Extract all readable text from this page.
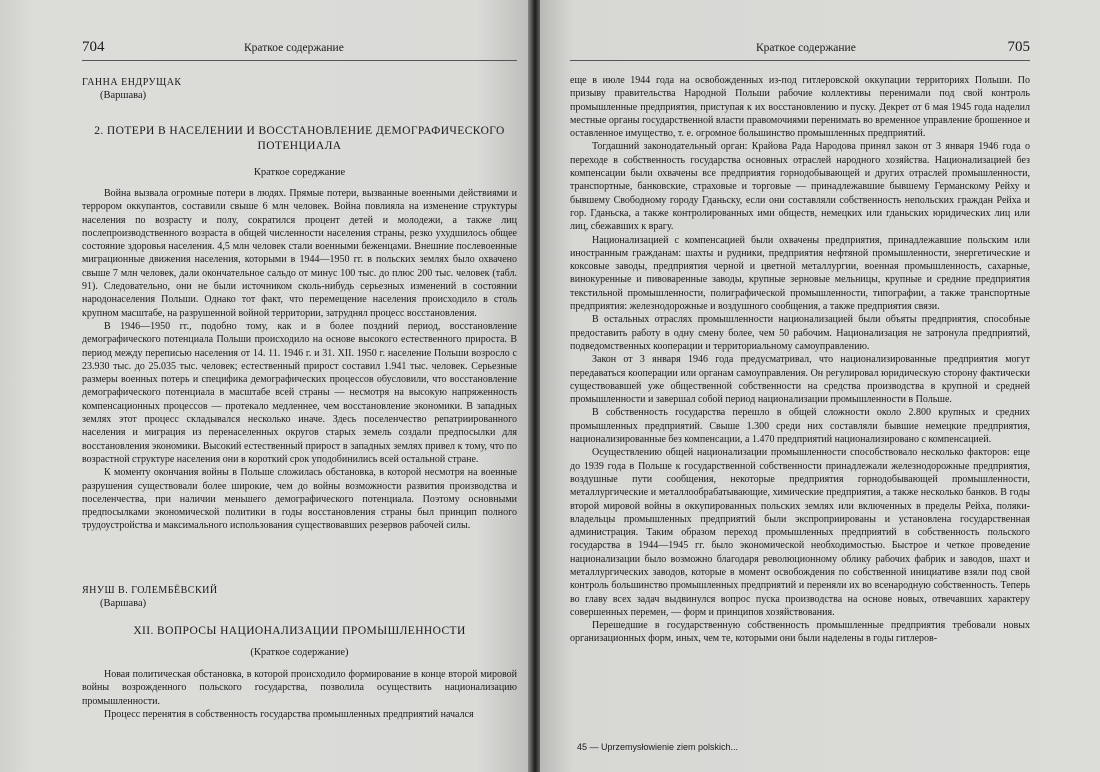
704	Краткое содержание
ГАННА ЕНДРУЩАК
(Варшава)
2. ПОТЕРИ В НАСЕЛЕНИИ И ВОССТАНОВЛЕНИЕ ДЕМОГРАФИЧЕСКОГО
ПОТЕНЦИАЛА
Краткое сореджание

Война вызвала огромные потери в людях. Прямые потери, вызванные военными действиями и террором оккупантов, составили свыше 6 млн человек. Война повлияла на изменение структуры населения по возрасту и полу, сократился процент детей и молодежи, а также лиц послепроизводственного возраста в общей численности населения страны, резко ухудшилось общее состояние здоровья населения. 4,5 млн человек стали военными беженцами. Внешние послевоенные миграционные движения населения, которыми в 1944—1950 гг. в польских землях было охвачено свыше 7 млн человек, дали окончательное сальдо от минус 100 тыс. до плюс 200 тыс. человек (табл. 91). Следовательно, они не были источником сколь-нибудь серьезных изменений в состоянии народонаселения Польши. Однако тот факт, что перемещение населения происходило в столь крупном масштабе, на разрушенной войной территории, затруднял процесс восстановления.

В 1946—1950 гг., подобно тому, как и в более поздний период, восстановление демографического потенциала Польши происходило на основе высокого естественного прироста. В период между переписью населения от 14. 11. 1946 г. и 31. XII. 1950 г. население Польши возросло с 23.930 тыс. до 25.035 тыс. человек; естественный прирост составил 1.941 тыс. человек. Серьезные размеры военных потерь и специфика демографических процессов обусловили, что восстановление демографического потенциала в масштабе всей страны — несмотря на высокую напряженность компенсационных процессов — протекало медленнее, чем восстановление экономики. В западных землях этот процесс складывался несколько иначе. Здесь поселенчество репатриированного населения и миграция из перенаселенных округов старых земель создали предпосылки для восстановления экономики. Высокий естественный прирост в западных землях привел к тому, что по возрастной структуре населения они в короткий срок уподобинились всей остальной стране.

К моменту окончания войны в Польше сложилась обстановка, в которой несмотря на военные разрушения существовали более широкие, чем до войны возможности развития производства и поселенчества, при наличии меньшего демографического потенциала. Поэтому основными предпосылками экономической политики в годы восстановления страны был принцип полного трудоустройства и максимального использования существовавших резервов рабочей силы.

ЯНУШ В. ГОЛЕМБЁВСКИЙ
(Варшава)
XII. ВОПРОСЫ НАЦИОНАЛИЗАЦИИ ПРОМЫШЛЕННОСТИ
(Краткое содержание)

Новая политическая обстановка, в которой происходило формирование в конце второй мировой войны возрожденного польского государства, позволила осуществить национализацию промышленности.

Процесс перенятия в собственность государства промышленных предприятий начался

Краткое содержание	705

еще в июле 1944 года на освобожденных из-под гитлеровской оккупации территориях Польши. По призыву правительства Народной Польши рабочие коллективы перенимали под свой контроль промышленные предприятия, приступая к их восстановлению и пуску. Декрет от 6 мая 1945 года наделил местные органы государственной власти правомочиями перенимать во временное управление брошенное и оставленное имущество, т. е. огромное большинство промышленных предприятий.

Тогдашний законодательный орган: Крайова Рада Народова принял закон от 3 января 1946 года о переходе в собственность государства основных отраслей народного хозяйства. Национализацией без компенсации были охвачены все предприятия горнодобывающей и других отраслей промышленности, транспортные, банковские, страховые и торговые — принадлежавшие бывшему Германскому Рейху и бывшему Свободному городу Гданьску, если они составляли собственность непольских граждан Рейха и гор. Гданьска, а также контролированных ими обществ, немецких или гданьских юридических лиц или лиц, сбежавших к врагу.

Национализацией с компенсацией были охвачены предприятия, принадлежавшие польским или иностранным гражданам: шахты и рудники, предприятия нефтяной промышленности, энергетические и коксовые заводы, предприятия черной и цветной металлургии, военная промышленность, сахарные, винокуренные и пивоваренные заводы, крупные зерновые мельницы, крупные и средние предприятия текстильной промышленности, полиграфической промышленности, типографии, а также транспортные предприятия: железнодорожные и воздушного сообщения, а также предприятия связи.

В остальных отраслях промышленности национализацией были объяты предприятия, способные предоставить работу в одну смену более, чем 50 рабочим. Национализация не затронула предприятий, подведомственных кооперации и территориальному самоуправлению.

Закон от 3 января 1946 года предусматривал, что национализированные предприятия могут передаваться кооперации или органам самоуправления. Он регулировал юридическую сторону фактически существовавшей уже общественной собственности на средства производства в крупной и средней промышленности и завершал собой период национализации промышленности в Польше.

В собственность государства перешло в общей сложности около 2.800 крупных и средних промышленных предприятий. Свыше 1.300 среди них составляли бывшие немецкие предприятия, национализированные без компенсации, а 1.470 предприятий национализировано с компенсацией.

Осуществлению общей национализации промышленности способствовало несколько факторов: еще до 1939 года в Польше к государственной собственности принадлежали железнодорожные предприятия, воздушные пути сообщения, некоторые предприятия горнодобывающей промышленности, металлургические и металлообрабатывающие, химические предприятия, а также несколько банков. В годы второй мировой войны в оккупированных польских землях или включенных в пределы Рейха, поляки-владельцы промышленных предприятий были экспроприированы и установлена государственная администрация. Таким образом переход промышленных предприятий в собственность польского государства в 1944—1945 гг. было экономической необходимостью. Быстрое и четкое проведение национализации было возможно благодаря революционному облику рабочих фабрик и заводов, шахт и металлургических заводов, которые в момент освобождения по собственной инициативе взяли под свой контроль большинство промышленных предприятий и переняли их во всенародную собственность. Теперь во главу всех задач выдвинулся вопрос пуска производства на основе новых, отвечавших характеру совершенных перемен, — форм и принципов хозяйствования.

Перешедшие в государственную собственность промышленные предприятия требовали новых организационных форм, иных, чем те, которыми они были наделены в годы гитлеров-

45 — Uprzemysłowienie ziem polskich...
